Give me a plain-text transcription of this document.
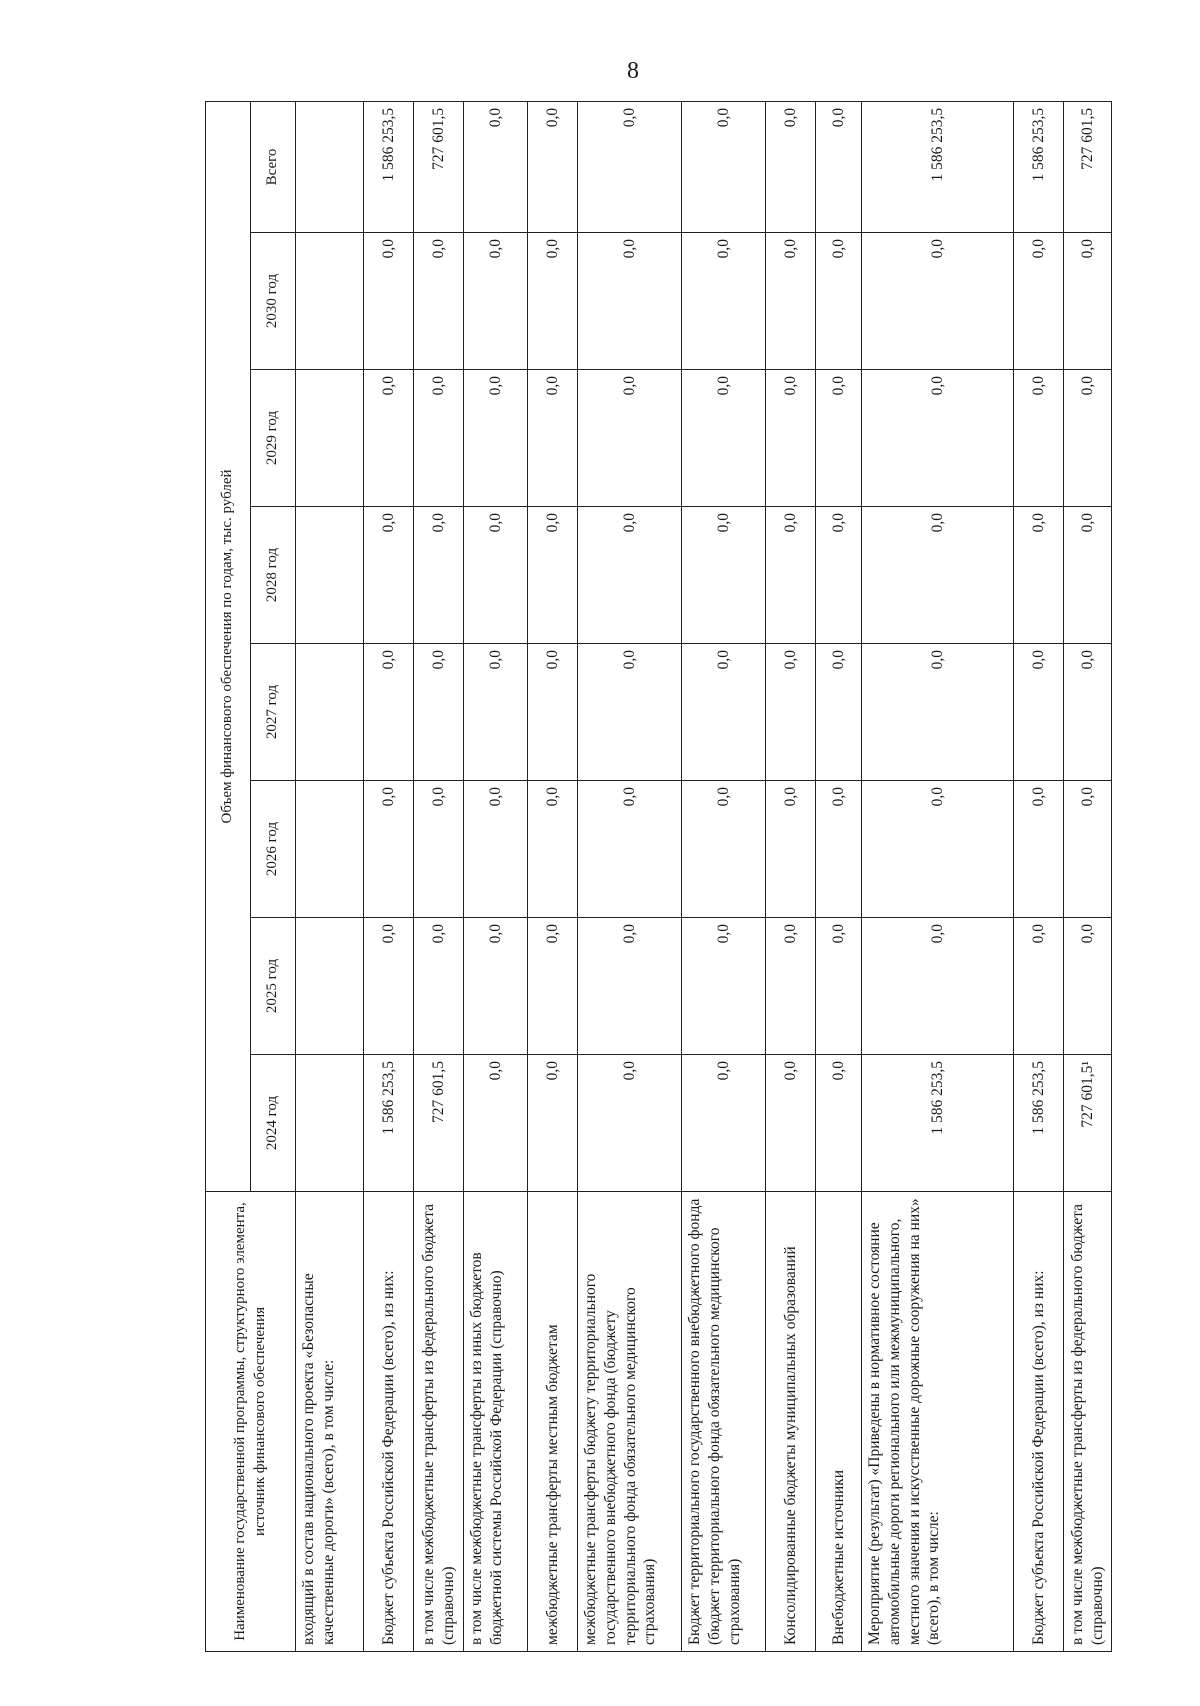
8
Наименование государственной программы, структурного элемента, источник финансового обеспечения	Объем финансового обеспечения по годам, тыс. рублей							
	2024 год	2025 год	2026 год	2027 год	2028 год	2029 год	2030 год	Всего
входящий в состав национального проекта «Безопасные качественные дороги» (всего), в том числе:								
Бюджет субъекта Российской Федерации (всего), из них:	1 586 253,5	0,0	0,0	0,0	0,0	0,0	0,0	1 586 253,5
в том числе межбюджетные трансферты из федерального бюджета (справочно)	727 601,5	0,0	0,0	0,0	0,0	0,0	0,0	727 601,5
в том числе межбюджетные трансферты из иных бюджетов бюджетной системы Российской Федерации (справочно)	0,0	0,0	0,0	0,0	0,0	0,0	0,0	0,0
межбюджетные трансферты местным бюджетам	0,0	0,0	0,0	0,0	0,0	0,0	0,0	0,0
межбюджетные трансферты бюджету территориального государственного внебюджетного фонда (бюджету территориального фонда обязательного медицинского страхования)	0,0	0,0	0,0	0,0	0,0	0,0	0,0	0,0
Бюджет территориального государственного внебюджетного фонда (бюджет территориального фонда обязательного медицинского страхования)	0,0	0,0	0,0	0,0	0,0	0,0	0,0	0,0
Консолидированные бюджеты муниципальных образований	0,0	0,0	0,0	0,0	0,0	0,0	0,0	0,0
Внебюджетные источники	0,0	0,0	0,0	0,0	0,0	0,0	0,0	0,0
Мероприятие (результат) «Приведены в нормативное состояние автомобильные дороги регионального или межмуниципального, местного значения и искусственные дорожные сооружения на них» (всего), в том числе:	1 586 253,5	0,0	0,0	0,0	0,0	0,0	0,0	1 586 253,5
Бюджет субъекта Российской Федерации (всего), из них:	1 586 253,5	0,0	0,0	0,0	0,0	0,0	0,0	1 586 253,5
в том числе межбюджетные трансферты из федерального бюджета (справочно)	727 601,5¹	0,0	0,0	0,0	0,0	0,0	0,0	727 601,5
